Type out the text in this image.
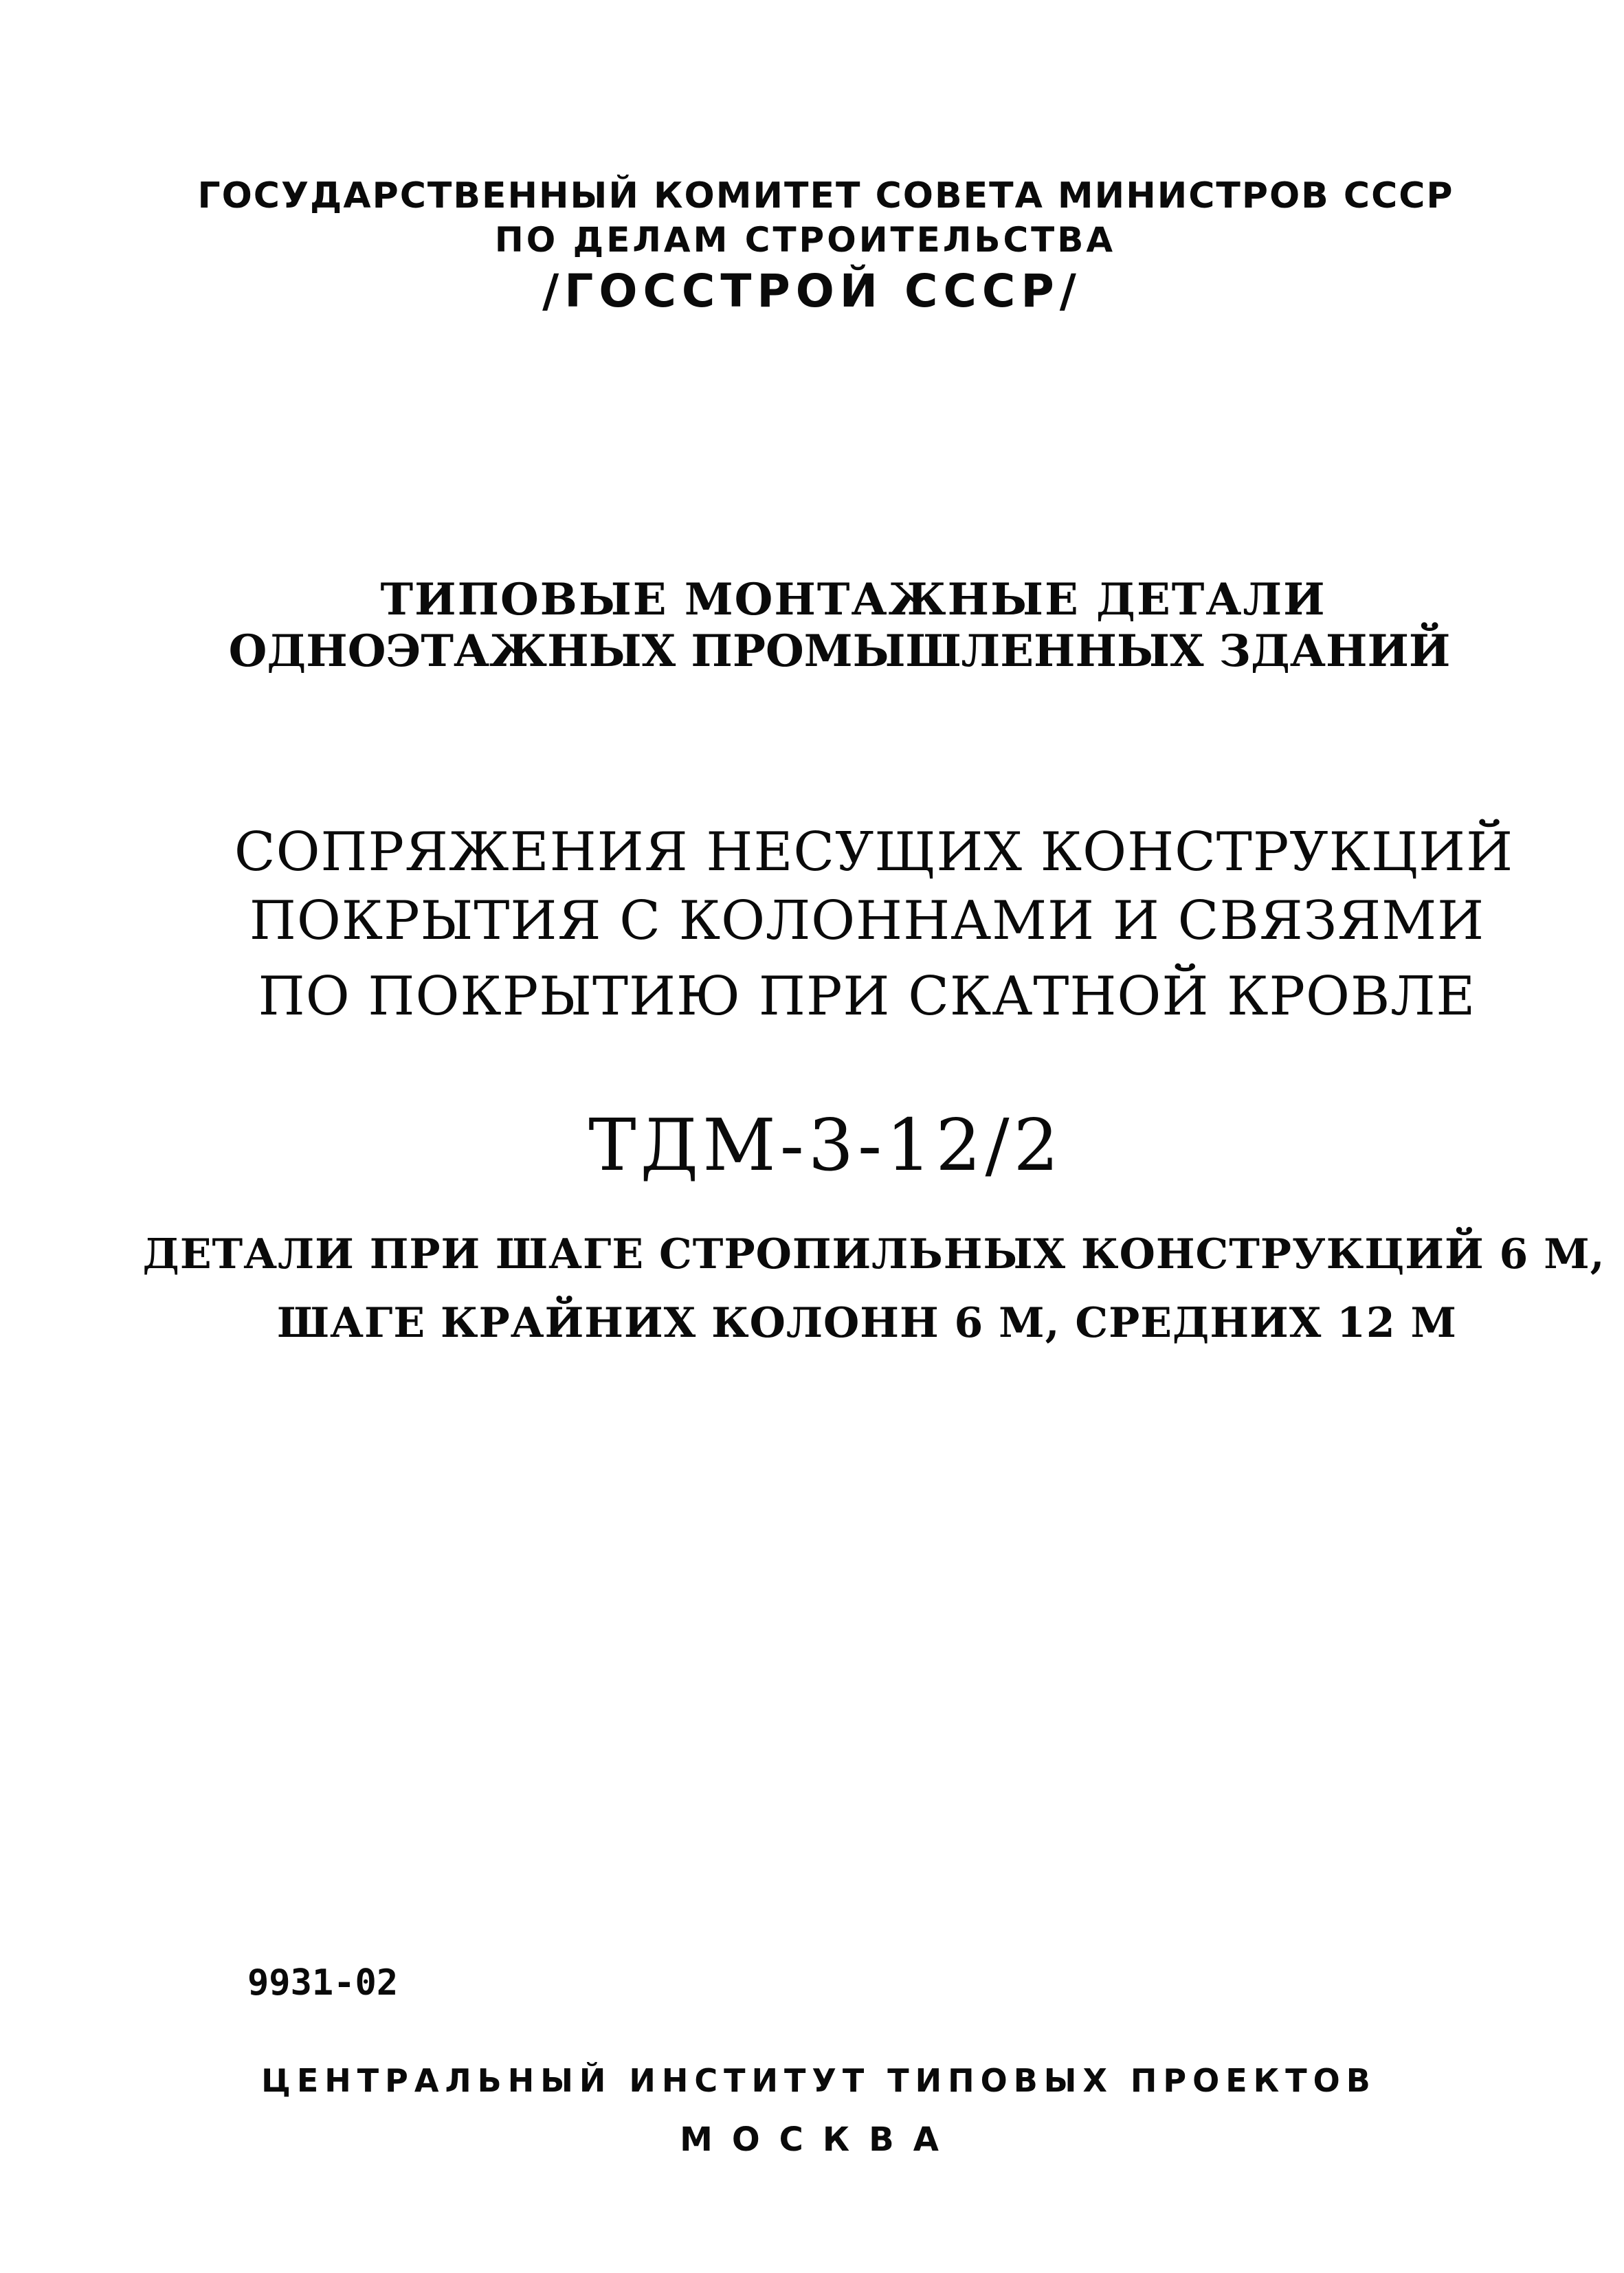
ГОСУДАРСТВЕННЫЙ КОМИТЕТ СОВЕТА МИНИСТРОВ СССР

ПО ДЕЛАМ СТРОИТЕЛЬСТВА

/ГОССТРОЙ СССР/

ТИПОВЫЕ МОНТАЖНЫЕ ДЕТАЛИ

ОДНОЭТАЖНЫХ ПРОМЫШЛЕННЫХ ЗДАНИЙ

СОПРЯЖЕНИЯ НЕСУЩИХ КОНСТРУКЦИЙ

ПОКРЫТИЯ С КОЛОННАМИ И СВЯЗЯМИ

ПО ПОКРЫТИЮ ПРИ СКАТНОЙ КРОВЛЕ

ТДМ-3-12/2

ДЕТАЛИ ПРИ ШАГЕ СТРОПИЛЬНЫХ КОНСТРУКЦИЙ 6 М,

ШАГЕ КРАЙНИХ КОЛОНН 6 М, СРЕДНИХ 12 М

9931-02

ЦЕНТРАЛЬНЫЙ ИНСТИТУТ ТИПОВЫХ ПРОЕКТОВ

МОСКВА
